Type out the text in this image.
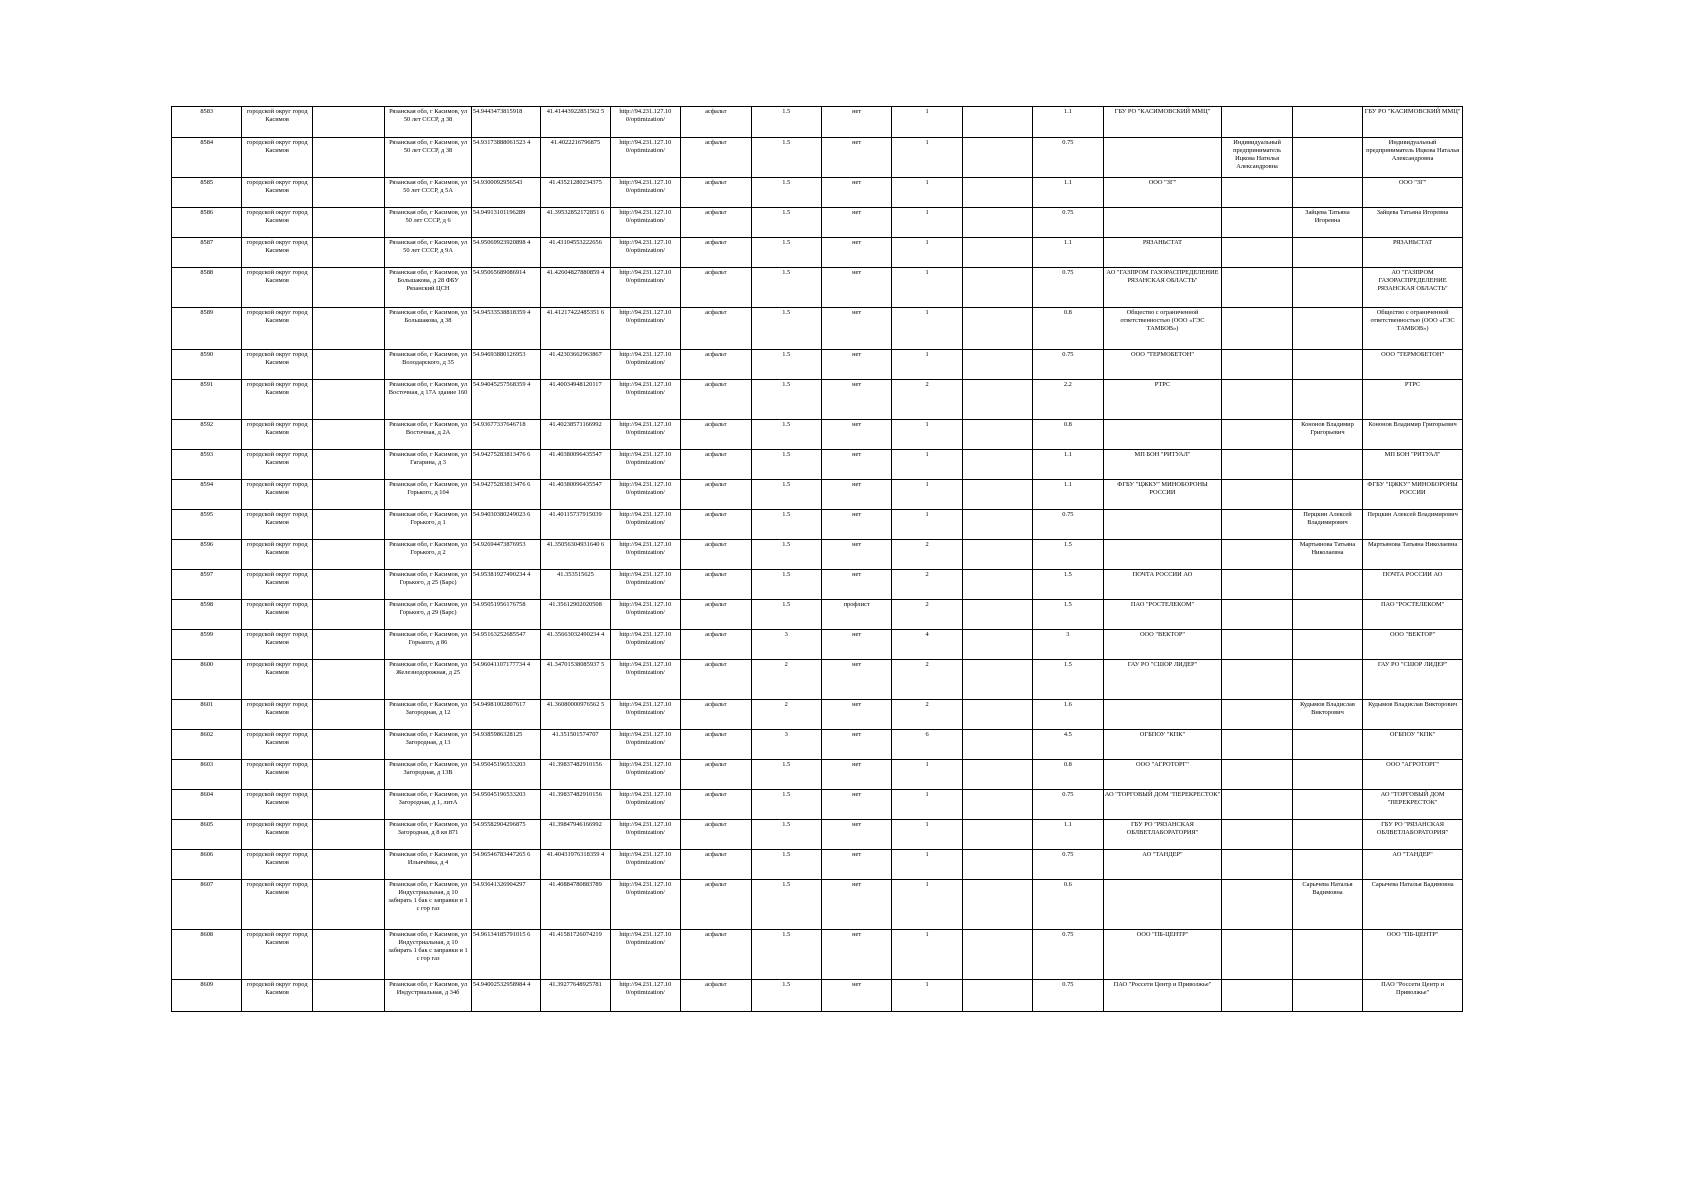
8583	городской округ город Касимов		Рязанская обл, г Касимов, ул 50 лет СССР, д 38	54.9443473815918	41.41443922851562 5	http://94.231.127.10 0/optimization/	асфальт	1.5	нет	1		1.1	ГБУ РО "КАСИМОВСКИЙ ММЦ"			ГБУ РО "КАСИМОВСКИЙ ММЦ"
8584	городской округ город Касимов		Рязанская обл, г Касимов, ул 50 лет СССР, д 38	54.93173888061523 4	41.4022216796875	http://94.231.127.10 0/optimization/	асфальт	1.5	нет	1		0.75		Индивидуальный предприниматель Ицкова Натнлья Александровна		Индивидуальный предприниматель Ицкова Наталья Александровна
8585	городской округ город Касимов		Рязанская обл, г Касимов, ул 50 лет СССР, д 5А	54.9300092956543	41.43521280234375	http://94.231.127.10 0/optimization/	асфальт	1.5	нет	1		1.1	ООО "ЗГ"			ООО "ЗГ"
8586	городской округ город Касимов		Рязанская обл, г Касимов, ул 50 лет СССР, д 6	54.94913101196289	41.39532852172851 6	http://94.231.127.10 0/optimization/	асфальт	1.5	нет	1		0.75			Зайцева Татьяна Игоревна	Зайцева Татьяна Игоревна
8587	городской округ город Касимов		Рязанская обл, г Касимов, ул 50 лет СССР, д 9А	54.95069923920898 4	41.43104553222656	http://94.231.127.10 0/optimization/	асфальт	1.5	нет	1		1.1	РЯЗАНЬСТАТ			РЯЗАНЬСТАТ
8588	городской округ город Касимов		Рязанская обл, г Касимов, ул Большакова, д 28 ФБУ Рязанский ЦСН	54.95065689086914	41.42604827880859 4	http://94.231.127.10 0/optimization/	асфальт	1.5	нет	1		0.75	АО "ГАЗПРОМ ГАЗОРАСПРЕДЕЛЕНИЕ РЯЗАНСКАЯ ОБЛАСТЬ"			АО "ГАЗПРОМ ГАЗОРАСПРЕДЕЛЕНИЕ РЯЗАНСКАЯ ОБЛАСТЬ"
8589	городской округ город Касимов		Рязанская обл, г Касимов, ул Большакова, д 38	54.94533538818359 4	41.41217422485351 6	http://94.231.127.10 0/optimization/	асфальт	1.5	нет	1		0.8	Общество с ограниченной ответственностью (ООО «ГЭС ТАМБОВ»)			Общество с ограниченной ответственностью (ООО «ГЭС ТАМБОВ»)
8590	городской округ город Касимов		Рязанская обл, г Касимов, ул Володарского, д 35	54.94693880126953	41.42303662963867	http://94.231.127.10 0/optimization/	асфальт	1.5	нет	1		0.75	ООО "ТЕРМОБЕТОН"			ООО "ТЕРМОБЕТОН"
8591	городской округ город Касимов		Рязанская обл, г Касимов, ул Восточная, д 17А здание 160	54.94045257568359 4	41.40034948120117	http://94.231.127.10 0/optimization/	асфальт	1.5	нет	2		2.2	РТРС			РТРС
8592	городской округ город Касимов		Рязанская обл, г Касимов, ул Восточная, д 2А	54.93677337646718	41.40238571166992	http://94.231.127.10 0/optimization/	асфальт	1.5	нет	1		0.8			Кононов Владимир Григорьевич	Кононов Владимир Григорьевич
8593	городской округ город Касимов		Рязанская обл, г Касимов, ул Гагарина, д 3	54.94275283813476 6	41.40380096435547	http://94.231.127.10 0/optimization/	асфальт	1.5	нет	1		1.1	МП БОН "РИТУАЛ"			МП БОН "РИТУАЛ"
8594	городской округ город Касимов		Рязанская обл, г Касимов, ул Горького, д 104	54.94275283813476 6	41.40380096435547	http://94.231.127.10 0/optimization/	асфальт	1.5	нет	1		1.1	ФГБУ "ЦЖКУ" МИНОБОРОНЫ РОССИИ			ФГБУ "ЦЖКУ" МИНОБОРОНЫ РОССИИ
8595	городской округ город Касимов		Рязанская обл, г Касимов, ул Горького, д 1	54.94030380249023 6	41.40115737915039	http://94.231.127.10 0/optimization/	асфальт	1.5	нет	1		0.75			Перцкин Алексей Владимирович	Перцкин Алексей Владимирович
8596	городской округ город Касимов		Рязанская обл, г Касимов, ул Горького, д 2	54.92694473876953	41.35056304931640 6	http://94.231.127.10 0/optimization/	асфальт	1.5	нет	2		1.5			Мартьянова Татьяна Николаевна	Мартьянова Татьяна Николаевна
8597	городской округ город Касимов		Рязанская обл, г Касимов, ул Горького, д 25 (Барс)	54.95381927490234 4	41.353515625	http://94.231.127.10 0/optimization/	асфальт	1.5	нет	2		1.5	ПОЧТА РОССИИ АО			ПОЧТА РОССИИ АО
8598	городской округ город Касимов		Рязанская обл, г Касимов, ул Горького, д 29 (Барс)	54.95051956176758	41.35612902020508	http://94.231.127.10 0/optimization/	асфальт	1.5	профлист	2		1.5	ПАО "РОСТЕЛЕКОМ"			ПАО "РОСТЕЛЕКОМ"
8599	городской округ город Касимов		Рязанская обл, г Касимов, ул Горького, д 86	54.95163252685547	41.35663032490234 4	http://94.231.127.10 0/optimization/	асфальт	3	нет	4		3	ООО "ВЕКТОР"			ООО "ВЕКТОР"
8600	городской округ город Касимов		Рязанская обл, г Касимов, ул Железнодорожная, д 25	54.96041107177734 4	41.34701538085937 5	http://94.231.127.10 0/optimization/	асфальт	2	нет	2		1.5	ГАУ РО "СШОР ЛИДЕР"			ГАУ РО "СШОР ЛИДЕР"
8601	городской округ город Касимов		Рязанская обл, г Касимов, ул Загородная, д 12	54.94981002807617	41.36080000976562 5	http://94.231.127.10 0/optimization/	асфальт	2	нет	2		1.6			Кудымов Владислав Викторович	Кудымов Владислав Викторович
8602	городской округ город Касимов		Рязанская обл, г Касимов, ул Загородная, д 13	54.9385986328125	41.351501574707	http://94.231.127.10 0/optimization/	асфальт	3	нет	6		4.5	ОГБПОУ "КПК"			ОГБПОУ "КПК"
8603	городской округ город Касимов		Рязанская обл, г Касимов, ул Загородная, д 13В	54.95045196533203	41.39837482910156	http://94.231.127.10 0/optimization/	асфальт	1.5	нет	1		0.8	ООО "АГРОТОРГ"			ООО "АГРОТОРГ"
8604	городской округ город Касимов		Рязанская обл, г Касимов, ул Загородная, д 1, литА	54.95045196533203	41.39837482910156	http://94.231.127.10 0/optimization/	асфальт	1.5	нет	1		0.75	АО "ТОРГОВЫЙ ДОМ "ПЕРЕКРЕСТОК"			АО "ТОРГОВЫЙ ДОМ "ПЕРЕКРЕСТОК"
8605	городской округ город Касимов		Рязанская обл, г Касимов, ул Загородная, д 8 кв 871	54.95582904296875	41.39847946166992	http://94.231.127.10 0/optimization/	асфальт	1.5	нет	1		1.1	ГБУ РО "РЯЗАНСКАЯ ОБЛВЕТЛАБОРАТОРИЯ"			ГБУ РО "РЯЗАНСКАЯ ОБЛВЕТЛАБОРАТОРИЯ"
8606	городской округ город Касимов		Рязанская обл, г Касимов, ул Ильичёвка, д 4	54.96546783447265 6	41.40431976318359 4	http://94.231.127.10 0/optimization/	асфальт	1.5	нет	1		0.75	АО "ТАНДЕР"			АО "ТАНДЕР"
8607	городской округ город Касимов		Рязанская обл, г Касимов, ул Индустриальная, д 10 забирать 1 бак с заправки и 1 с гор газ	54.93641326904297	41.40884780883789	http://94.231.127.10 0/optimization/	асфальт	1.5	нет	1		0.6			Сарычева Наталья Вадимовна	Сарычева Наталья Вадимовна
8608	городской округ город Касимов		Рязанская обл, г Касимов, ул Индустриальная, д 10 забирать 1 бак с заправки и 1 с гор газ	54.96134185791015 6	41.41581726074219	http://94.231.127.10 0/optimization/	асфальт	1.5	нет	1		0.75	ООО "ПБ-ЦЕНТР"			ООО "ПБ-ЦЕНТР"
8609	городской округ город Касимов		Рязанская обл, г Касимов, ул Индустриальная, д 34б	54.94002532958984 4	41.39277648925781	http://94.231.127.10 0/optimization/	асфальт	1.5	нет	1		0.75	ПАО "Россети Центр и Приволжье"			ПАО "Россети Центр и Приволжье"
